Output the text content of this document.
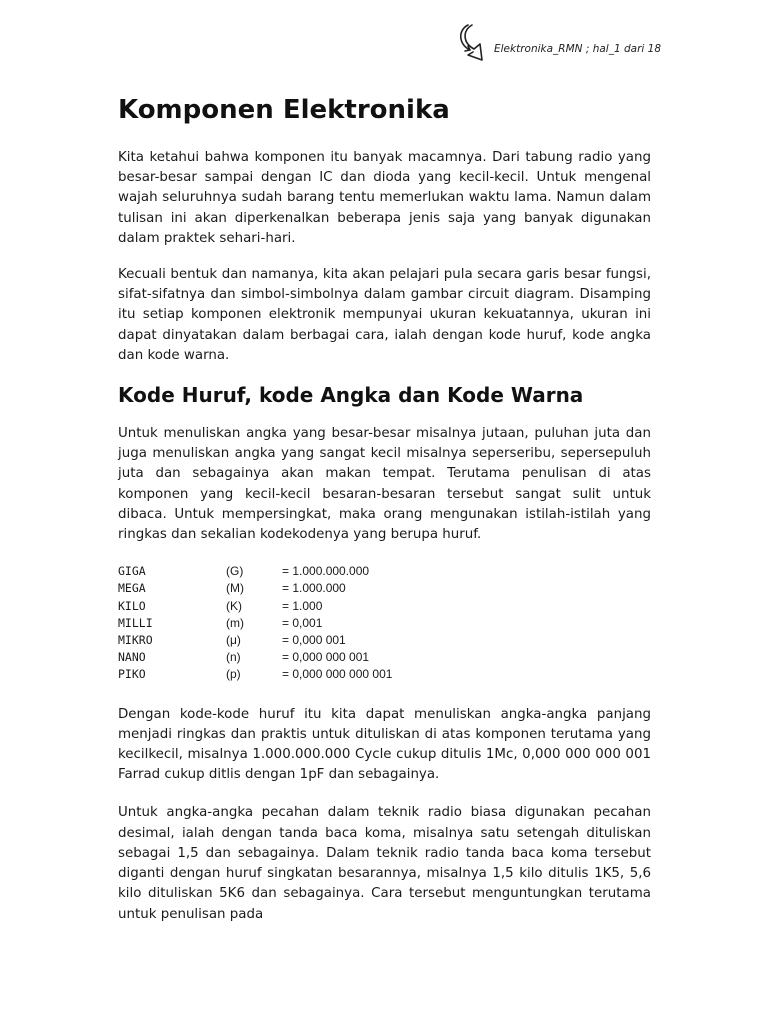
Elektronika_RMN ; hal_1 dari 18
Komponen Elektronika

Kita ketahui bahwa komponen itu banyak macamnya. Dari tabung radio yang besar-besar sampai dengan IC dan dioda yang kecil-kecil. Untuk mengenal wajah seluruhnya sudah barang tentu memerlukan waktu lama. Namun dalam tulisan ini akan diperkenalkan beberapa jenis saja yang banyak digunakan dalam praktek sehari-hari.

Kecuali bentuk dan namanya, kita akan pelajari pula secara garis besar fungsi, sifat-sifatnya dan simbol-simbolnya dalam gambar circuit diagram. Disamping itu setiap komponen elektronik mempunyai ukuran kekuatannya, ukuran ini dapat dinyatakan dalam berbagai cara, ialah dengan kode huruf, kode angka dan kode warna.

Kode Huruf, kode Angka dan Kode Warna

Untuk menuliskan angka yang besar-besar misalnya jutaan, puluhan juta dan juga menuliskan angka yang sangat kecil misalnya seperseribu, sepersepuluh juta dan sebagainya akan makan tempat. Terutama penulisan di atas komponen yang kecil-kecil besaran-besaran tersebut sangat sulit untuk dibaca. Untuk mempersingkat, maka orang mengunakan istilah-istilah yang ringkas dan sekalian kodekodenya yang berupa huruf.

GIGA	(G)	= 1.000.000.000
MEGA	(M)	= 1.000.000
KILO	(K)	= 1.000
MILLI	(m)	= 0,001
MIKRO	(μ)	= 0,000 001
NANO	(n)	= 0,000 000 001
PIKO	(p)	= 0,000 000 000 001

Dengan kode-kode huruf itu kita dapat menuliskan angka-angka panjang menjadi ringkas dan praktis untuk dituliskan di atas komponen terutama yang kecilkecil, misalnya 1.000.000.000 Cycle cukup ditulis 1Mc, 0,000 000 000 001 Farrad cukup ditlis dengan 1pF dan sebagainya.

Untuk angka-angka pecahan dalam teknik radio biasa digunakan pecahan desimal, ialah dengan tanda baca koma, misalnya satu setengah dituliskan sebagai 1,5 dan sebagainya. Dalam teknik radio tanda baca koma tersebut diganti dengan huruf singkatan besarannya, misalnya 1,5 kilo ditulis 1K5, 5,6 kilo dituliskan 5K6 dan sebagainya. Cara tersebut menguntungkan terutama untuk penulisan pada
